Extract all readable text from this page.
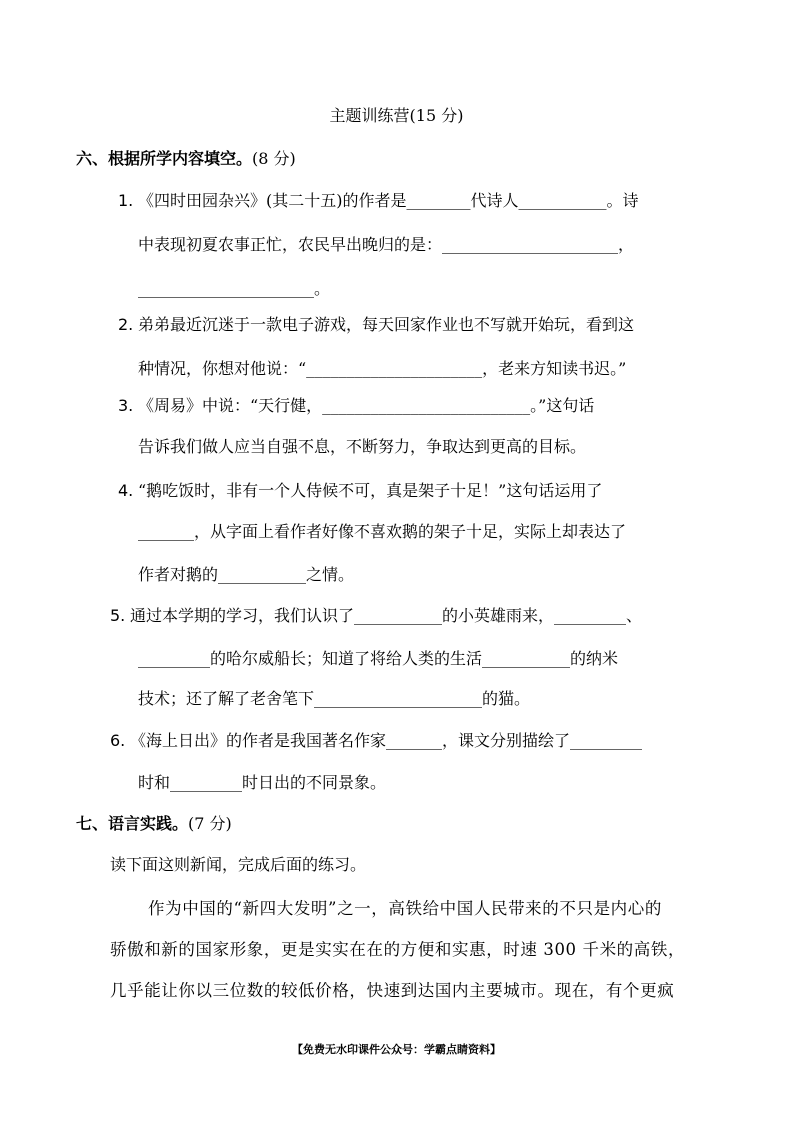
主题训练营(15 分)
六、根据所学内容填空。(8 分)
1. 《四时田园杂兴》(其二十五)的作者是________代诗人___________。诗
中表现初夏农事正忙，农民早出晚归的是：______________________，
______________________。
2. 弟弟最近沉迷于一款电子游戏，每天回家作业也不写就开始玩，看到这
种情况，你想对他说：“______________________，老来方知读书迟。”
3. 《周易》中说：“天行健，__________________________。”这句话
告诉我们做人应当自强不息，不断努力，争取达到更高的目标。
4. “鹅吃饭时，非有一个人侍候不可，真是架子十足！”这句话运用了
_______，从字面上看作者好像不喜欢鹅的架子十足，实际上却表达了
作者对鹅的___________之情。
5. 通过本学期的学习，我们认识了___________的小英雄雨来，_________、
_________的哈尔威船长；知道了将给人类的生活___________的纳米
技术；还了解了老舍笔下_____________________的猫。
6. 《海上日出》的作者是我国著名作家_______，课文分别描绘了_________
时和_________时日出的不同景象。
七、语言实践。(7 分)
读下面这则新闻，完成后面的练习。
作为中国的“新四大发明”之一，高铁给中国人民带来的不只是内心的
骄傲和新的国家形象，更是实实在在的方便和实惠，时速 300 千米的高铁，
几乎能让你以三位数的较低价格，快速到达国内主要城市。现在，有个更疯
【免费无水印课件公众号：学霸点睛资料】
